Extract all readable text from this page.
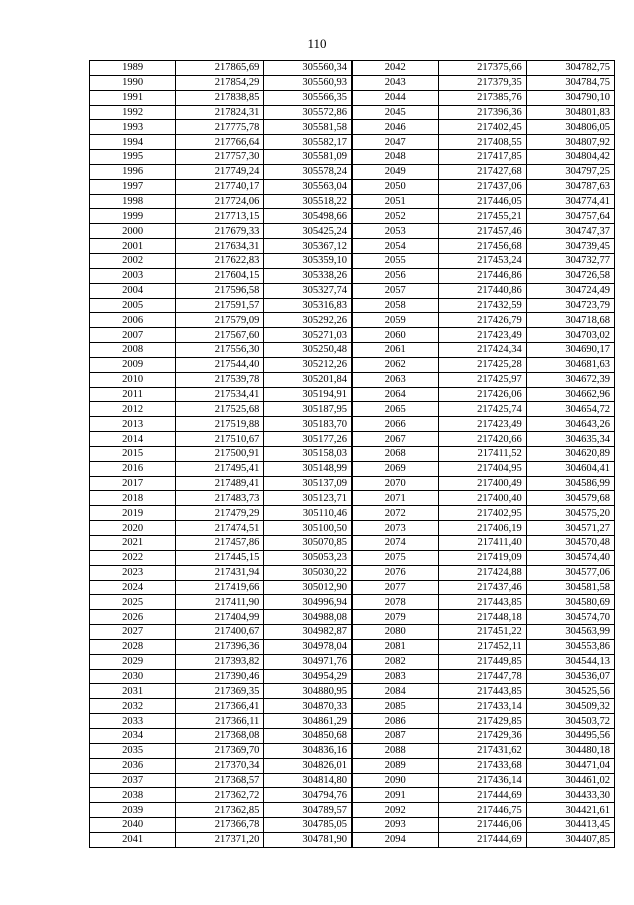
110
1989	217865,69	305560,34	2042	217375,66	304782,75
1990	217854,29	305560,93	2043	217379,35	304784,75
1991	217838,85	305566,35	2044	217385,76	304790,10
1992	217824,31	305572,86	2045	217396,36	304801,83
1993	217775,78	305581,58	2046	217402,45	304806,05
1994	217766,64	305582,17	2047	217408,55	304807,92
1995	217757,30	305581,09	2048	217417,85	304804,42
1996	217749,24	305578,24	2049	217427,68	304797,25
1997	217740,17	305563,04	2050	217437,06	304787,63
1998	217724,06	305518,22	2051	217446,05	304774,41
1999	217713,15	305498,66	2052	217455,21	304757,64
2000	217679,33	305425,24	2053	217457,46	304747,37
2001	217634,31	305367,12	2054	217456,68	304739,45
2002	217622,83	305359,10	2055	217453,24	304732,77
2003	217604,15	305338,26	2056	217446,86	304726,58
2004	217596,58	305327,74	2057	217440,86	304724,49
2005	217591,57	305316,83	2058	217432,59	304723,79
2006	217579,09	305292,26	2059	217426,79	304718,68
2007	217567,60	305271,03	2060	217423,49	304703,02
2008	217556,30	305250,48	2061	217424,34	304690,17
2009	217544,40	305212,26	2062	217425,28	304681,63
2010	217539,78	305201,84	2063	217425,97	304672,39
2011	217534,41	305194,91	2064	217426,06	304662,96
2012	217525,68	305187,95	2065	217425,74	304654,72
2013	217519,88	305183,70	2066	217423,49	304643,26
2014	217510,67	305177,26	2067	217420,66	304635,34
2015	217500,91	305158,03	2068	217411,52	304620,89
2016	217495,41	305148,99	2069	217404,95	304604,41
2017	217489,41	305137,09	2070	217400,49	304586,99
2018	217483,73	305123,71	2071	217400,40	304579,68
2019	217479,29	305110,46	2072	217402,95	304575,20
2020	217474,51	305100,50	2073	217406,19	304571,27
2021	217457,86	305070,85	2074	217411,40	304570,48
2022	217445,15	305053,23	2075	217419,09	304574,40
2023	217431,94	305030,22	2076	217424,88	304577,06
2024	217419,66	305012,90	2077	217437,46	304581,58
2025	217411,90	304996,94	2078	217443,85	304580,69
2026	217404,99	304988,08	2079	217448,18	304574,70
2027	217400,67	304982,87	2080	217451,22	304563,99
2028	217396,36	304978,04	2081	217452,11	304553,86
2029	217393,82	304971,76	2082	217449,85	304544,13
2030	217390,46	304954,29	2083	217447,78	304536,07
2031	217369,35	304880,95	2084	217443,85	304525,56
2032	217366,41	304870,33	2085	217433,14	304509,32
2033	217366,11	304861,29	2086	217429,85	304503,72
2034	217368,08	304850,68	2087	217429,36	304495,56
2035	217369,70	304836,16	2088	217431,62	304480,18
2036	217370,34	304826,01	2089	217433,68	304471,04
2037	217368,57	304814,80	2090	217436,14	304461,02
2038	217362,72	304794,76	2091	217444,69	304433,30
2039	217362,85	304789,57	2092	217446,75	304421,61
2040	217366,78	304785,05	2093	217446,06	304413,45
2041	217371,20	304781,90	2094	217444,69	304407,85
